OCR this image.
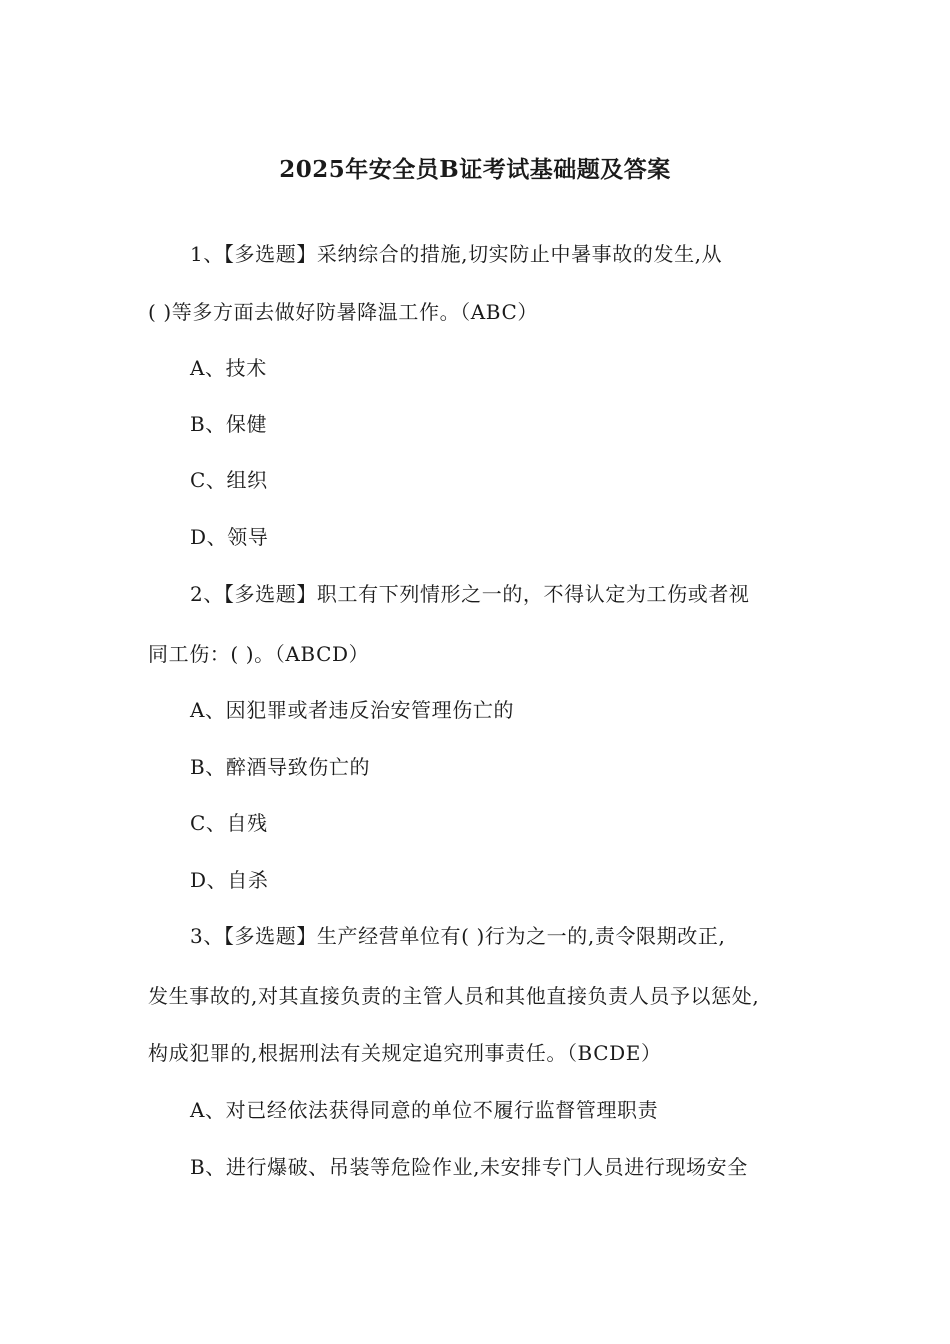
2025年安全员B证考试基础题及答案
1、【多选题】采纳综合的措施,切实防止中暑事故的发生,从
( )等多方面去做好防暑降温工作。（ABC）
A、技术
B、保健
C、组织
D、领导
2、【多选题】职工有下列情形之一的，不得认定为工伤或者视
同工伤：( )。（ABCD）
A、因犯罪或者违反治安管理伤亡的
B、醉酒导致伤亡的
C、自残
D、自杀
3、【多选题】生产经营单位有( )行为之一的,责令限期改正,
发生事故的,对其直接负责的主管人员和其他直接负责人员予以惩处,
构成犯罪的,根据刑法有关规定追究刑事责任。（BCDE）
A、对已经依法获得同意的单位不履行监督管理职责
B、进行爆破、吊装等危险作业,未安排专门人员进行现场安全
